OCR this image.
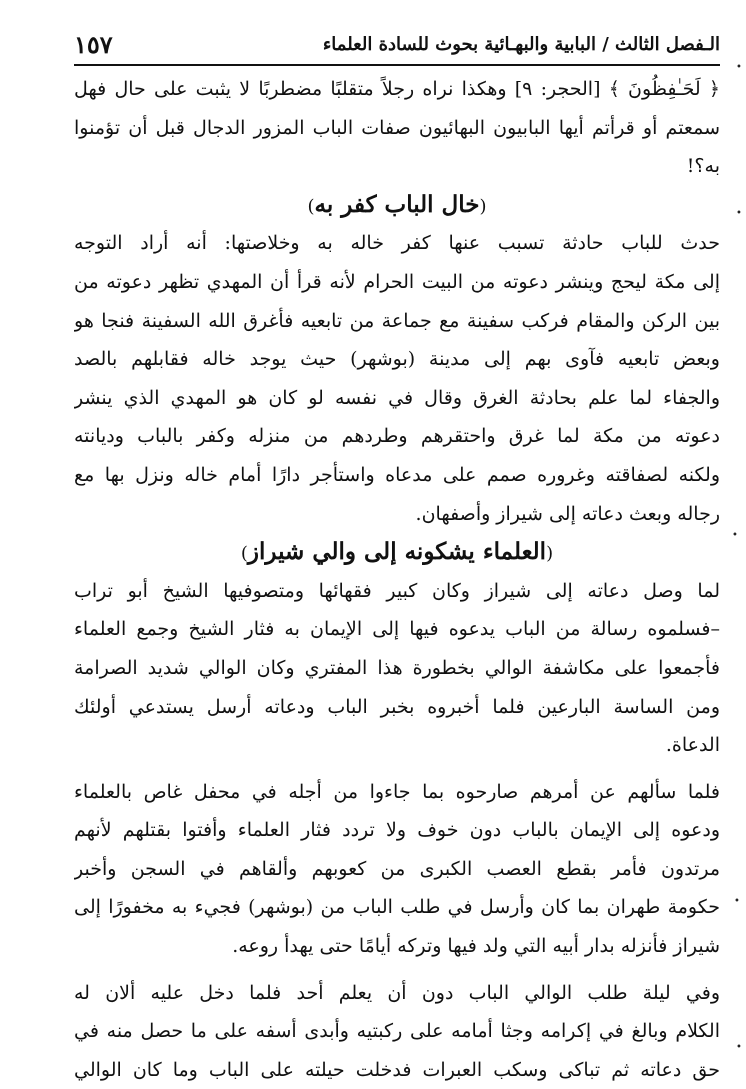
الـفصل الثالث / البابية والبهـائية بحوث للسادة العلماء
١٥٧
﴿ لَحَـٰفِظُونَ ﴾ [الحجر: ٩] وهكذا نراه رجلاً متقلبًا مضطربًا لا يثبت على حال فهل
سمعتم أو قرأتم أيها البابيون البهائيون صفات الباب المزور الدجال قبل أن تؤمنوا
به؟!
(خال الباب كفر به)
حدث للباب حادثة تسبب عنها كفر خاله به وخلاصتها: أنه أراد التوجه
إلى مكة ليحج وينشر دعوته من البيت الحرام لأنه قرأ أن المهدي تظهر دعوته من
بين الركن والمقام فركب سفينة مع جماعة من تابعيه فأغرق الله السفينة فنجا هو
وبعض تابعيه فآوى بهم إلى مدينة (بوشهر) حيث يوجد خاله فقابلهم بالصد
والجفاء لما علم بحادثة الغرق وقال في نفسه لو كان هو المهدي الذي ينشر
دعوته من مكة لما غرق واحتقرهم وطردهم من منزله وكفر بالباب وديانته
ولكنه لصفاقته وغروره صمم على مدعاه واستأجر دارًا أمام خاله ونزل بها مع
رجاله وبعث دعاته إلى شيراز وأصفهان.
(العلماء يشكونه إلى والي شيراز)
لما وصل دعاته إلى شيراز وكان كبير فقهائها ومتصوفيها الشيخ أبو تراب
–فسلموه رسالة من الباب يدعوه فيها إلى الإيمان به فثار الشيخ وجمع العلماء
فأجمعوا على مكاشفة الوالي بخطورة هذا المفتري وكان الوالي شديد الصرامة
ومن الساسة البارعين فلما أخبروه بخبر الباب ودعاته أرسل يستدعي أولئك
الدعاة.
فلما سألهم عن أمرهم صارحوه بما جاءوا من أجله في محفل غاص بالعلماء
ودعوه إلى الإيمان بالباب دون خوف ولا تردد فثار العلماء وأفتوا بقتلهم لأنهم
مرتدون فأمر بقطع العصب الكبرى من كعوبهم وألقاهم في السجن وأخبر
حكومة طهران بما كان وأرسل في طلب الباب من (بوشهر) فجيء به مخفورًا إلى
شيراز فأنزله بدار أبيه التي ولد فيها وتركه أيامًا حتى يهدأ روعه.
وفي ليلة طلب الوالي الباب دون أن يعلم أحد فلما دخل عليه ألان له
الكلام وبالغ في إكرامه وجثا أمامه على ركبتيه وأبدى أسفه على ما حصل منه في
حق دعاته ثم تباكى وسكب العبرات فدخلت حيلته على الباب وما كان الوالي
•
•
•
•
•
